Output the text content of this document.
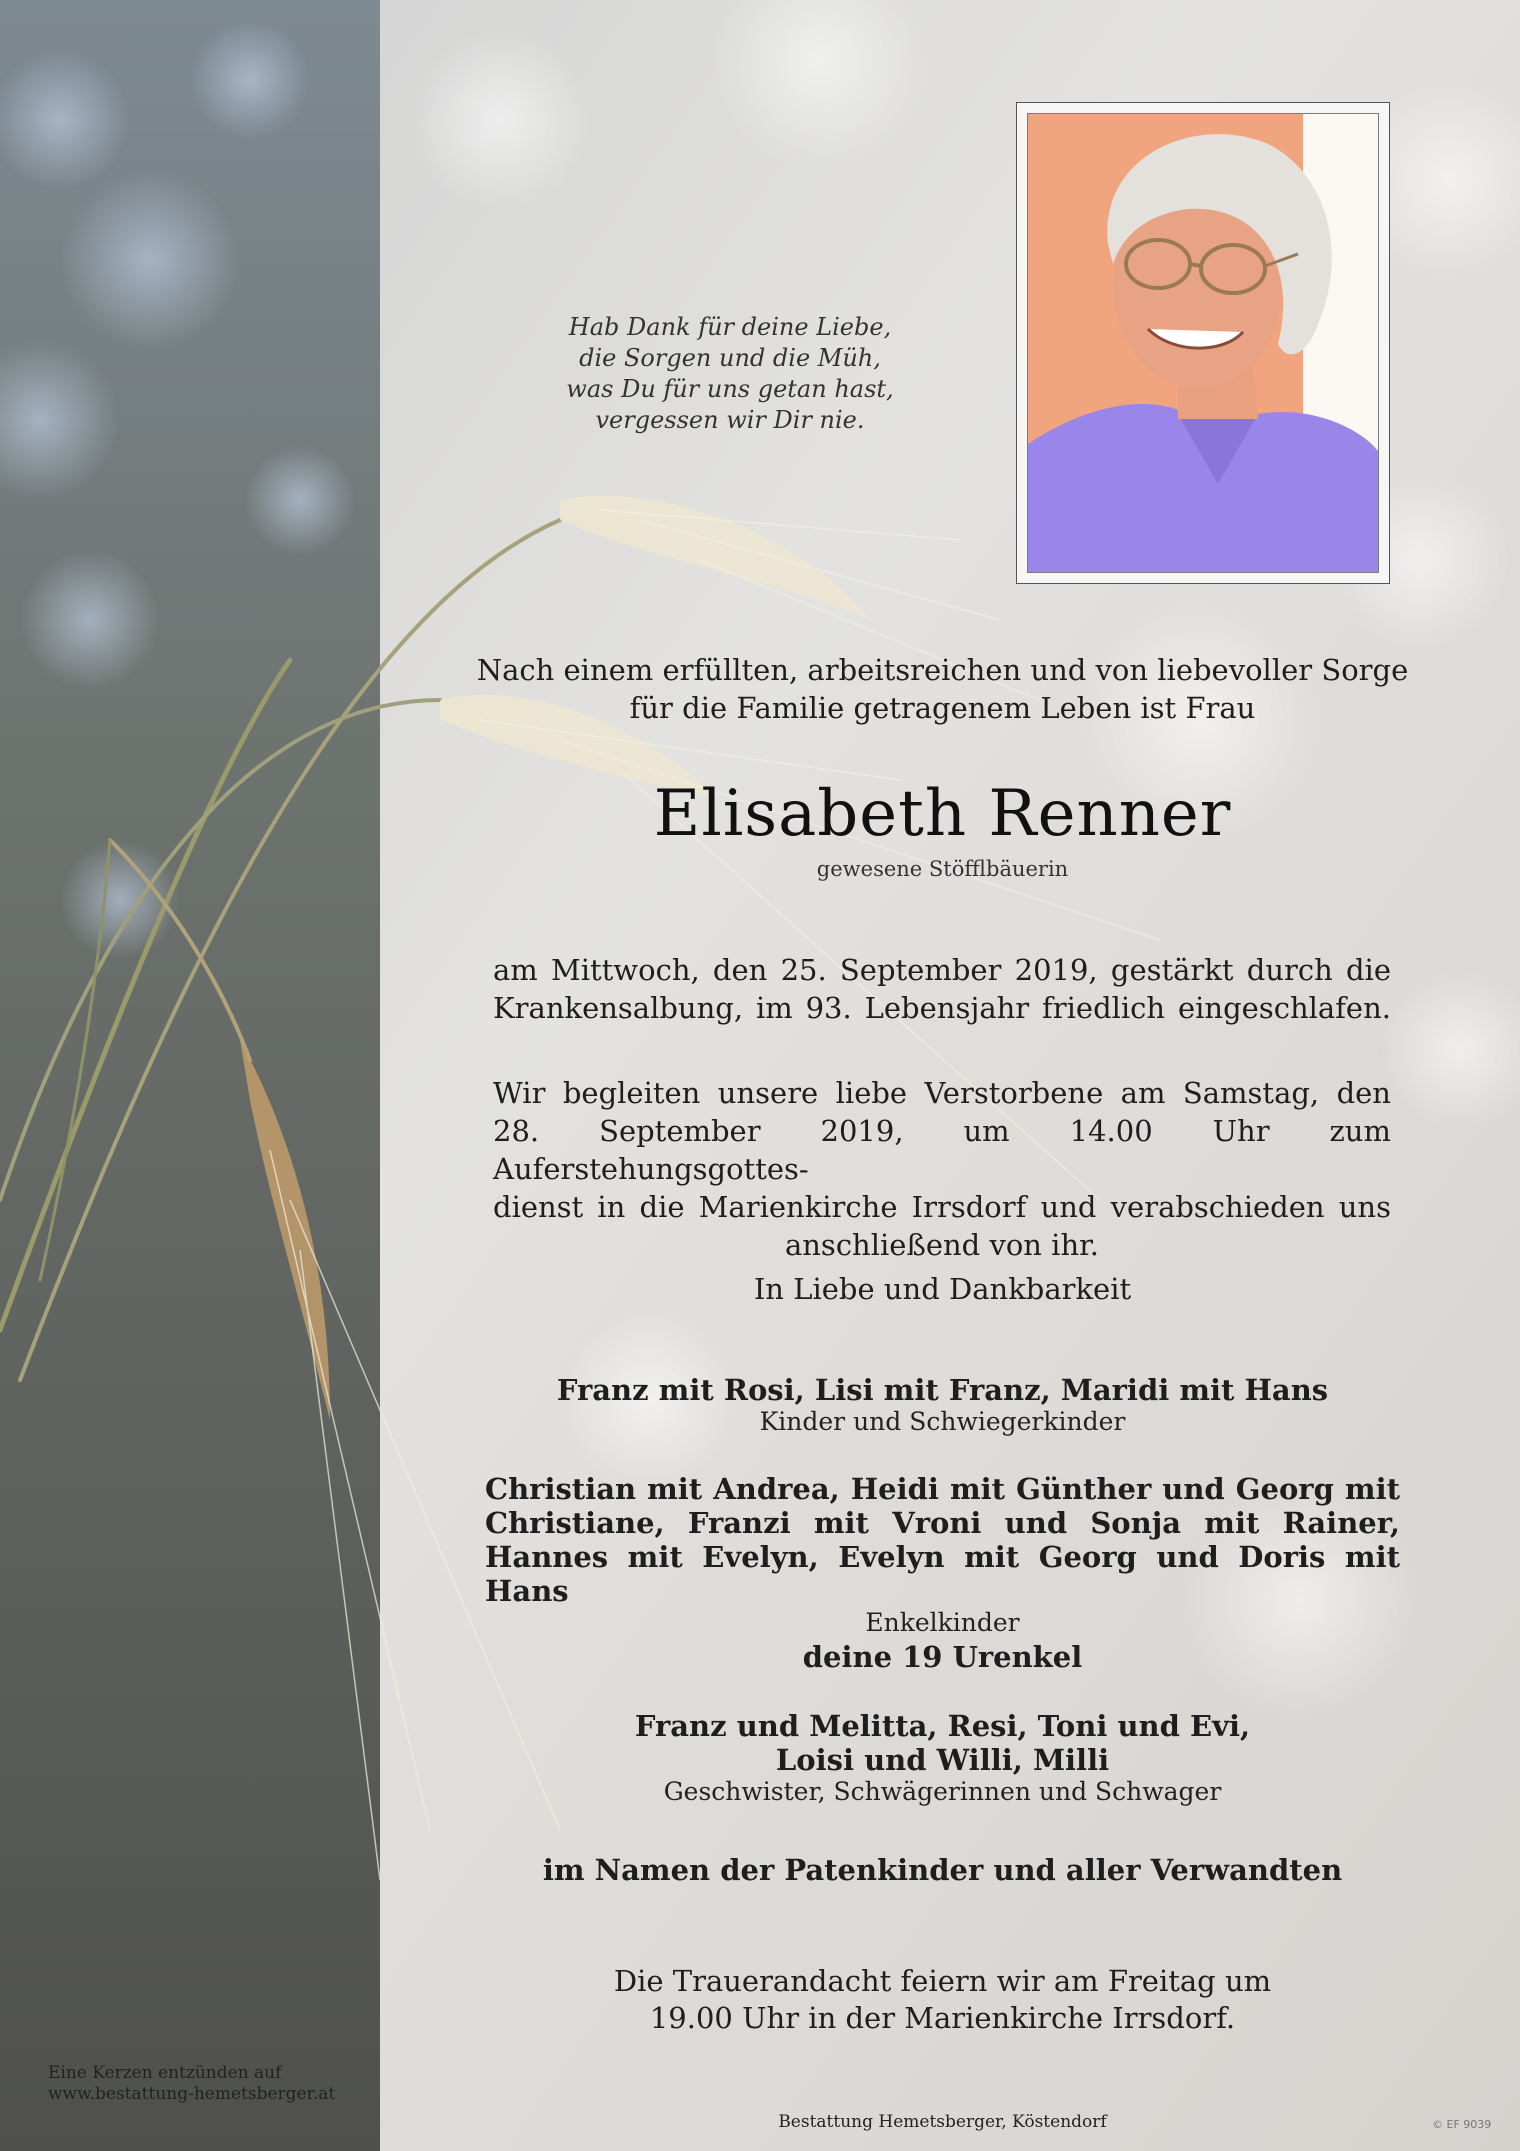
Hab Dank für deine Liebe,
die Sorgen und die Müh,
was Du für uns getan hast,
vergessen wir Dir nie.
Nach einem erfüllten, arbeitsreichen und von liebevoller Sorge
für die Familie getragenem Leben ist Frau
Elisabeth Renner
gewesene Stöfflbäuerin
am Mittwoch, den 25. September 2019, gestärkt durch die
Krankensalbung, im 93. Lebensjahr friedlich eingeschlafen.
Wir begleiten unsere liebe Verstorbene am Samstag, den
28. September 2019, um 14.00 Uhr zum Auferstehungsgottes-
dienst in die Marienkirche Irrsdorf und verabschieden uns
anschließend von ihr.
In Liebe und Dankbarkeit
Franz mit Rosi, Lisi mit Franz, Maridi mit Hans
Kinder und Schwiegerkinder
Christian mit Andrea, Heidi mit Günther und Georg mit
Christiane, Franzi mit Vroni und Sonja mit Rainer,
Hannes mit Evelyn, Evelyn mit Georg und Doris mit Hans
Enkelkinder
deine 19 Urenkel
Franz und Melitta, Resi, Toni und Evi,
Loisi und Willi, Milli
Geschwister, Schwägerinnen und Schwager
im Namen der Patenkinder und aller Verwandten
Die Trauerandacht feiern wir am Freitag um
19.00 Uhr in der Marienkirche Irrsdorf.
Eine Kerzen entzünden auf
www.bestattung-hemetsberger.at
Bestattung Hemetsberger, Köstendorf	© EF 9039
